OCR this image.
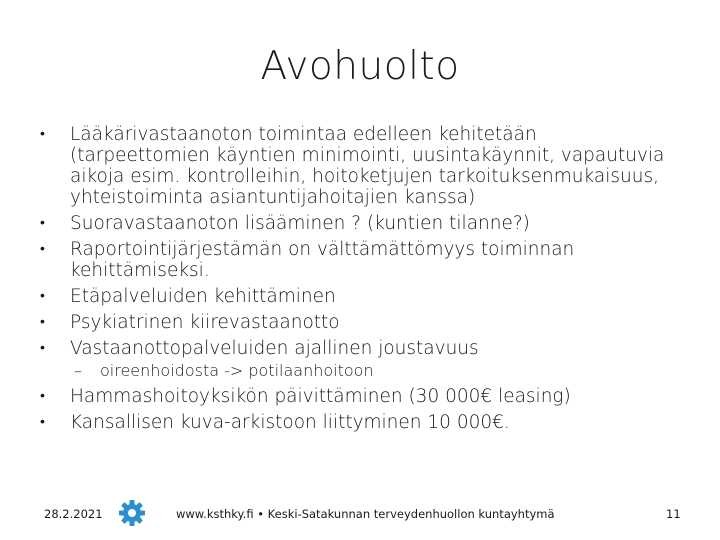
Avohuolto
•	Lääkärivastaanoton toimintaa edelleen kehitetään (tarpeettomien käyntien minimointi, uusintakäynnit, vapautuvia aikoja esim. kontrolleihin, hoitoketjujen tarkoituksenmukaisuus, yhteistoiminta asiantuntijahoitajien kanssa)
•	Suoravastaanoton lisääminen ? (kuntien tilanne?)
•	Raportointijärjestämän on välttämättömyys toiminnan kehittämiseksi.
•	Etäpalveluiden kehittäminen
•	Psykiatrinen kiirevastaanotto
•	Vastaanottopalveluiden ajallinen joustavuus
– oireenhoidosta -> potilaanhoitoon
•	Hammashoitoyksikön päivittäminen (30 000€ leasing)
•	Kansallisen kuva-arkistoon liittyminen 10 000€.
28.2.2021	www.ksthky.fi • Keski-Satakunnan terveydenhuollon kuntayhtymä	11
